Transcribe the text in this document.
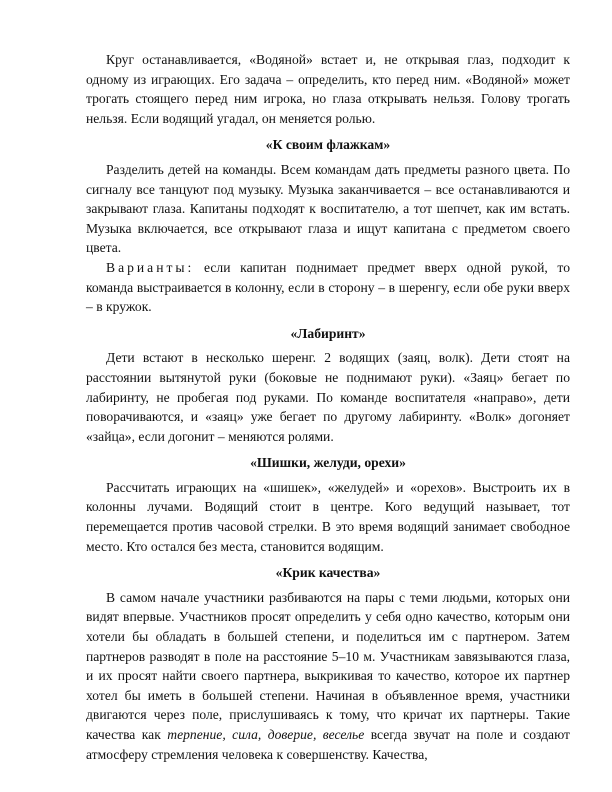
Круг останавливается, «Водяной» встает и, не открывая глаз, подходит к одному из играющих. Его задача – определить, кто перед ним. «Водяной» может трогать стоящего перед ним игрока, но глаза открывать нельзя. Голову трогать нельзя. Если водящий угадал, он меняется ролью.

«К своим флажкам»

Разделить детей на команды. Всем командам дать предметы разного цвета. По сигналу все танцуют под музыку. Музыка заканчивается – все останавливаются и закрывают глаза. Капитаны подходят к воспитателю, а тот шепчет, как им встать. Музыка включается, все открывают глаза и ищут капитана с предметом своего цвета.

Варианты: если капитан поднимает предмет вверх одной рукой, то команда выстраивается в колонну, если в сторону – в шеренгу, если обе руки вверх – в кружок.

«Лабиринт»

Дети встают в несколько шеренг. 2 водящих (заяц, волк). Дети стоят на расстоянии вытянутой руки (боковые не поднимают руки). «Заяц» бегает по лабиринту, не пробегая под руками. По команде воспитателя «направо», дети поворачиваются, и «заяц» уже бегает по другому лабиринту. «Волк» догоняет «зайца», если догонит – меняются ролями.

«Шишки, желуди, орехи»

Рассчитать играющих на «шишек», «желудей» и «орехов». Выстроить их в колонны лучами. Водящий стоит в центре. Кого ведущий называет, тот перемещается против часовой стрелки. В это время водящий занимает свободное место. Кто остался без места, становится водящим.

«Крик качества»

В самом начале участники разбиваются на пары с теми людьми, которых они видят впервые. Участников просят определить у себя одно качество, которым они хотели бы обладать в большей степени, и поделиться им с партнером. Затем партнеров разводят в поле на расстояние 5–10 м. Участникам завязываются глаза, и их просят найти своего партнера, выкрикивая то качество, которое их партнер хотел бы иметь в большей степени. Начиная в объявленное время, участники двигаются через поле, прислушиваясь к тому, что кричат их партнеры. Такие качества как терпение, сила, доверие, веселье всегда звучат на поле и создают атмосферу стремления человека к совершенству. Качества,
